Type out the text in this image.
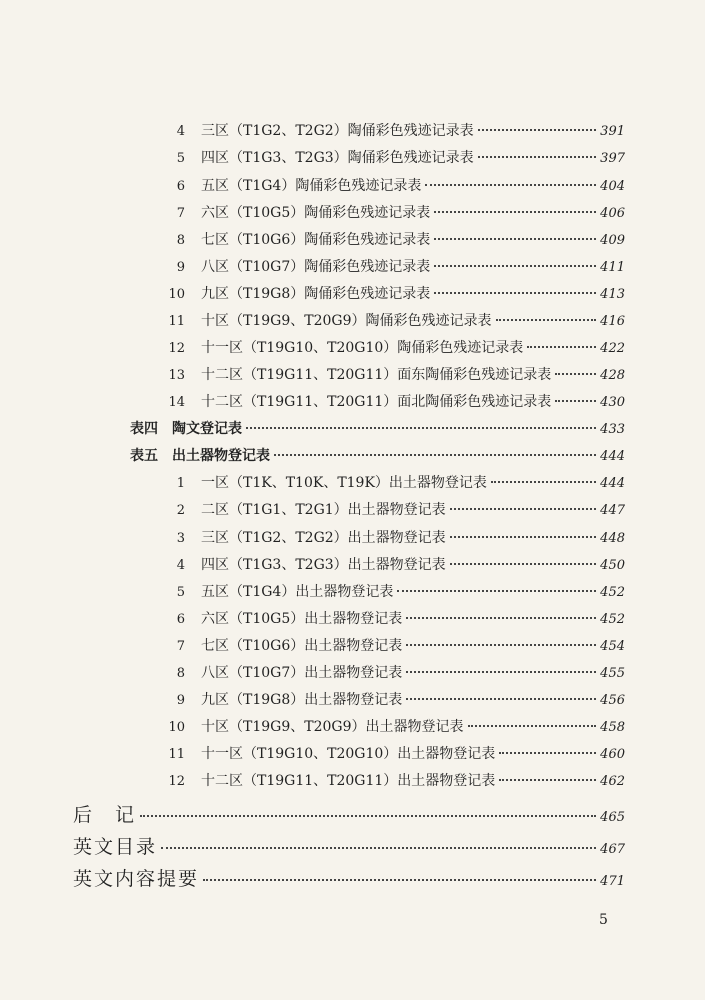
4 三区（T1G2、T2G2）陶俑彩色残迹记录表	391
5 四区（T1G3、T2G3）陶俑彩色残迹记录表	397
6 五区（T1G4）陶俑彩色残迹记录表	404
7 六区（T10G5）陶俑彩色残迹记录表	406
8 七区（T10G6）陶俑彩色残迹记录表	409
9 八区（T10G7）陶俑彩色残迹记录表	411
10 九区（T19G8）陶俑彩色残迹记录表	413
11 十区（T19G9、T20G9）陶俑彩色残迹记录表	416
12 十一区（T19G10、T20G10）陶俑彩色残迹记录表	422
13 十二区（T19G11、T20G11）面东陶俑彩色残迹记录表	428
14 十二区（T19G11、T20G11）面北陶俑彩色残迹记录表	430
表四　陶文登记表	433
表五　出土器物登记表	444
1 一区（T1K、T10K、T19K）出土器物登记表	444
2 二区（T1G1、T2G1）出土器物登记表	447
3 三区（T1G2、T2G2）出土器物登记表	448
4 四区（T1G3、T2G3）出土器物登记表	450
5 五区（T1G4）出土器物登记表	452
6 六区（T10G5）出土器物登记表	452
7 七区（T10G6）出土器物登记表	454
8 八区（T10G7）出土器物登记表	455
9 九区（T19G8）出土器物登记表	456
10 十区（T19G9、T20G9）出土器物登记表	458
11 十一区（T19G10、T20G10）出土器物登记表	460
12 十二区（T19G11、T20G11）出土器物登记表	462
后　记	465
英文目录	467
英文内容提要	471
5
